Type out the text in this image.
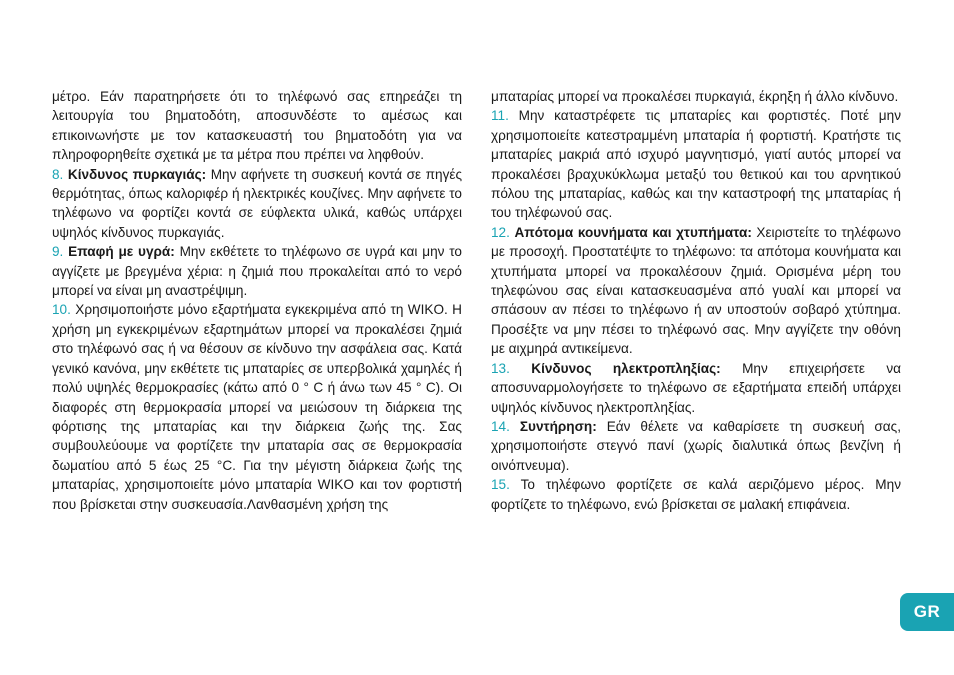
μέτρο. Εάν παρατηρήσετε ότι το τηλέφωνό σας επηρεάζει τη λειτουργία του βηματοδότη, αποσυνδέστε το αμέσως και επικοινωνήστε με τον κατασκευαστή του βηματοδότη για να πληροφορηθείτε σχετικά με τα μέτρα που πρέπει να ληφθούν.

8. Κίνδυνος πυρκαγιάς: Μην αφήνετε τη συσκευή κοντά σε πηγές θερμότητας, όπως καλοριφέρ ή ηλεκτρικές κουζίνες. Μην αφήνετε το τηλέφωνο να φορτίζει κοντά σε εύφλεκτα υλικά, καθώς υπάρχει υψηλός κίνδυνος πυρκαγιάς.

9. Επαφή με υγρά: Μην εκθέτετε το τηλέφωνο σε υγρά και μην το αγγίζετε με βρεγμένα χέρια: η ζημιά που προκαλείται από το νερό μπορεί να είναι μη αναστρέψιμη.

10. Χρησιμοποιήστε μόνο εξαρτήματα εγκεκριμένα από τη WIKO. Η χρήση μη εγκεκριμένων εξαρτημάτων μπορεί να προκαλέσει ζημιά στο τηλέφωνό σας ή να θέσουν σε κίνδυνο την ασφάλεια σας. Κατά γενικό κανόνα, μην εκθέτετε τις μπαταρίες σε υπερβολικά χαμηλές ή πολύ υψηλές θερμοκρασίες (κάτω από 0 ° C ή άνω των 45 ° C). Οι διαφορές στη θερμοκρασία μπορεί να μειώσουν τη διάρκεια της φόρτισης της μπαταρίας και την διάρκεια ζωής της. Σας συμβουλεύουμε να φορτίζετε την μπαταρία σας σε θερμοκρασία δωματίου από 5 έως 25 °C. Για την μέγιστη διάρκεια ζωής της μπαταρίας, χρησιμοποιείτε μόνο μπαταρία WIKO και τον φορτιστή που βρίσκεται στην συσκευασία.Λανθασμένη χρήση της

μπαταρίας μπορεί να προκαλέσει πυρκαγιά, έκρηξη ή άλλο κίνδυνο.

11. Μην καταστρέφετε τις μπαταρίες και φορτιστές. Ποτέ μην χρησιμοποιείτε κατεστραμμένη μπαταρία ή φορτιστή. Κρατήστε τις μπαταρίες μακριά από ισχυρό μαγνητισμό, γιατί αυτός μπορεί να προκαλέσει βραχυκύκλωμα μεταξύ του θετικού και του αρνητικού πόλου της μπαταρίας, καθώς και την καταστροφή της μπαταρίας ή του τηλέφωνού σας.

12. Απότομα κουνήματα και χτυπήματα: Χειριστείτε το τηλέφωνο με προσοχή. Προστατέψτε το τηλέφωνο: τα απότομα κουνήματα και χτυπήματα μπορεί να προκαλέσουν ζημιά. Ορισμένα μέρη του τηλεφώνου σας είναι κατασκευασμένα από γυαλί και μπορεί να σπάσουν αν πέσει το τηλέφωνο ή αν υποστούν σοβαρό χτύπημα. Προσέξτε να μην πέσει το τηλέφωνό σας. Μην αγγίζετε την οθόνη με αιχμηρά αντικείμενα.

13. Κίνδυνος ηλεκτροπληξίας: Μην επιχειρήσετε να αποσυναρμολογήσετε το τηλέφωνο σε εξαρτήματα επειδή υπάρχει υψηλός κίνδυνος ηλεκτροπληξίας.

14. Συντήρηση: Εάν θέλετε να καθαρίσετε τη συσκευή σας, χρησιμοποιήστε στεγνό πανί (χωρίς διαλυτικά όπως βενζίνη ή οινόπνευμα).

15. Το τηλέφωνο φορτίζετε σε καλά αεριζόμενο μέρος. Μην φορτίζετε το τηλέφωνο, ενώ βρίσκεται σε μαλακή επιφάνεια.

GR
